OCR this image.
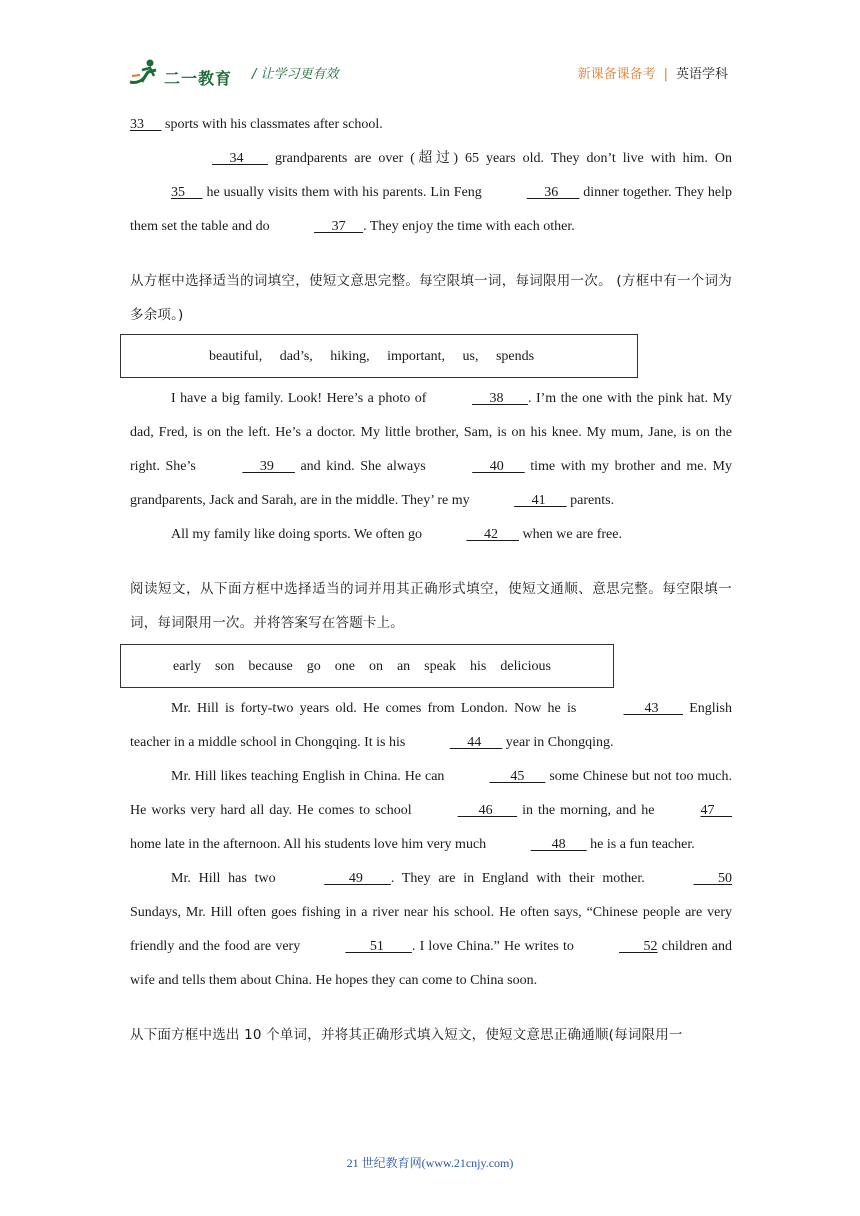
二一教育 / 让学习更有效	新课备课备考 | 英语学科

33      sports with his classmates after school.

34        grandparents are over (超过) 65 years old. They don’t live with him. On 35      he usually visits them with his parents. Lin Feng	36       dinner together. They help them set the table and do	37     . They enjoy the time with each other.

从方框中选择适当的词填空，使短文意思完整。每空限填一词，每词限用一次。 (方框中有一个词为多余项。)

beautiful,     dad’s,     hiking,     important,     us,     spends

I have a big family. Look! Here’s a photo of	38       . I’m the one with the pink hat. My dad, Fred, is on the left. He’s a doctor. My little brother, Sam, is on his knee. My mum, Jane, is on the right. She’s	39       and kind. She always	40       time with my brother and me. My grandparents, Jack and Sarah, are in the middle. They’ re my	41       parents.

All my family like doing sports. We often go	42       when we are free.

阅读短文，从下面方框中选择适当的词并用其正确形式填空，使短文通顺、意思完整。每空限填一词，每词限用一次。并将答案写在答题卡上。

early    son    because    go    one    on    an    speak    his    delicious

Mr. Hill is forty-two years old. He comes from London. Now he is	43        English teacher in a middle school in Chongqing. It is his	44       year in Chongqing.

Mr. Hill likes teaching English in China. He can	45       some Chinese but not too much. He works very hard all day. He comes to school	46        in the morning, and he	47      home late in the afternoon. All his students love him very much	48       he is a fun teacher.

Mr. Hill has two	49        . They are in England with their mother.	50 Sundays, Mr. Hill often goes fishing in a river near his school. He often says, “Chinese people are very friendly and the food are very	51        . I love China.” He writes to	52 children and wife and tells them about China. He hopes they can come to China soon.

从下面方框中选出 10 个单词，并将其正确形式填入短文，使短文意思正确通顺(每词限用一

21 世纪教育网(www.21cnjy.com)
